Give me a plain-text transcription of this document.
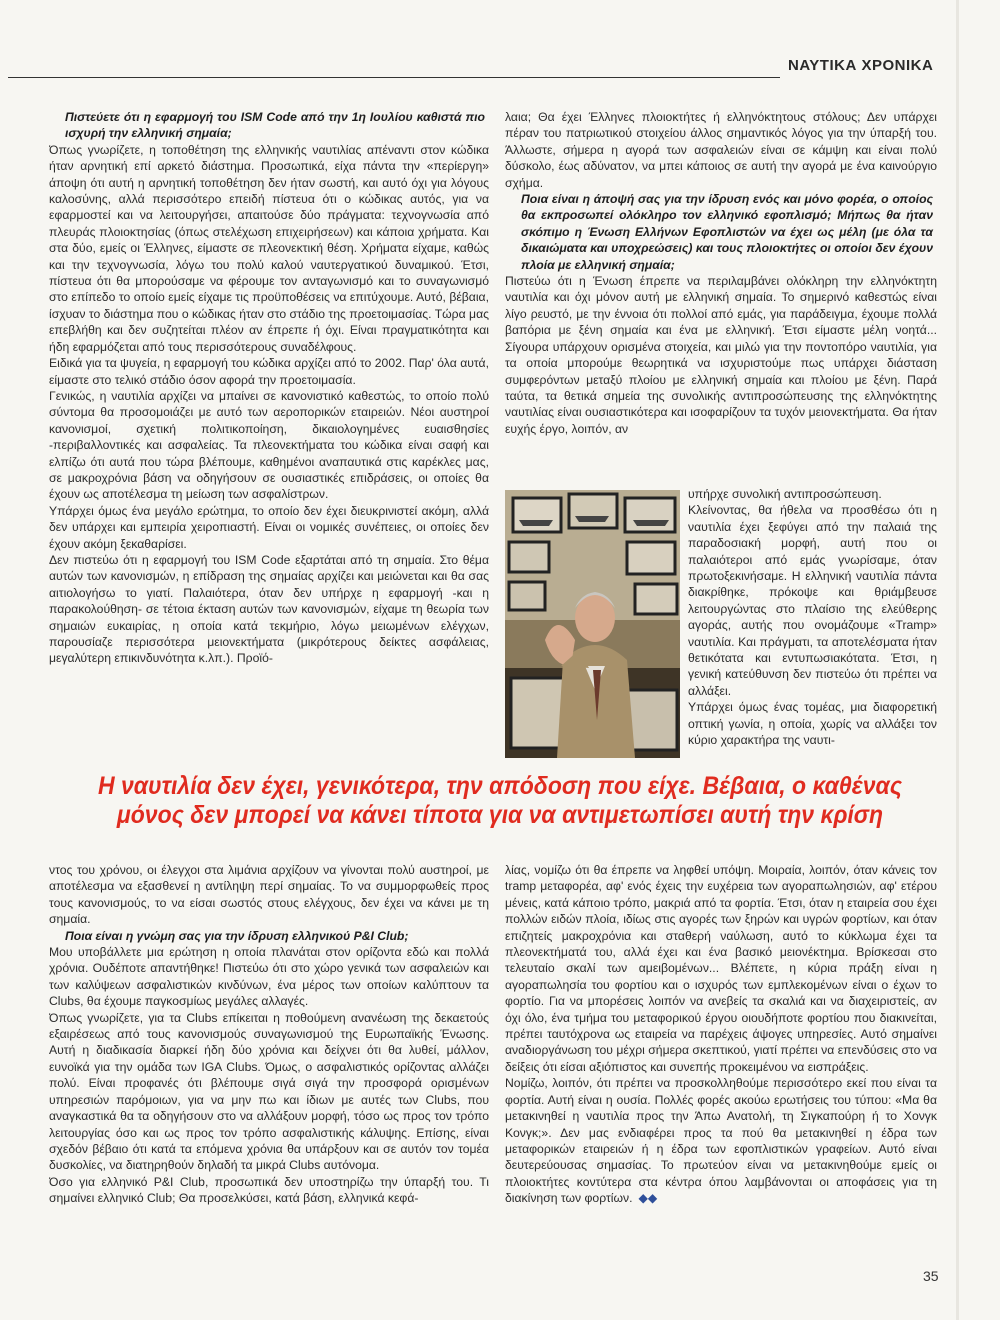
ΝΑΥΤΙΚΑ ΧΡΟΝΙΚΑ

Πιστεύετε ότι η εφαρμογή του ISM Code από την 1η Ιουλίου καθιστά πιο ισχυρή την ελληνική σημαία;

Όπως γνωρίζετε, η τοποθέτηση της ελληνικής ναυτιλίας απέναντι στον κώδικα ήταν αρνητική επί αρκετό διάστημα. Προσωπικά, είχα πάντα την «περίεργη» άποψη ότι αυτή η αρνητική τοποθέτηση δεν ήταν σωστή, και αυτό όχι για λόγους καλοσύνης, αλλά περισσότερο επειδή πίστευα ότι ο κώδικας αυτός, για να εφαρμοστεί και να λειτουργήσει, απαιτούσε δύο πράγματα: τεχνογνωσία από πλευράς πλοιοκτησίας (όπως στελέχωση επιχειρήσεων) και κάποια χρήματα. Και στα δύο, εμείς οι Έλληνες, είμαστε σε πλεονεκτική θέση. Χρήματα είχαμε, καθώς και την τεχνογνωσία, λόγω του πολύ καλού ναυτεργατικού δυναμικού. Έτσι, πίστευα ότι θα μπορούσαμε να φέρουμε τον ανταγωνισμό και το συναγωνισμό στο επίπεδο το οποίο εμείς είχαμε τις προϋποθέσεις να επιτύχουμε. Αυτό, βέβαια, ίσχυαν το διάστημα που ο κώδικας ήταν στο στάδιο της προετοιμασίας. Τώρα μας επεβλήθη και δεν συζητείται πλέον αν έπρεπε ή όχι. Είναι πραγματικότητα και ήδη εφαρμόζεται από τους περισσότερους συναδέλφους.

Ειδικά για τα ψυγεία, η εφαρμογή του κώδικα αρχίζει από το 2002. Παρ' όλα αυτά, είμαστε στο τελικό στάδιο όσον αφορά την προετοιμασία.

Γενικώς, η ναυτιλία αρχίζει να μπαίνει σε κανονιστικό καθεστώς, το οποίο πολύ σύντομα θα προσομοιάζει με αυτό των αεροπορικών εταιρειών. Νέοι αυστηροί κανονισμοί, σχετική πολιτικοποίηση, δικαιολογημένες ευαισθησίες -περιβαλλοντικές και ασφαλείας. Τα πλεονεκτήματα του κώδικα είναι σαφή και ελπίζω ότι αυτά που τώρα βλέπουμε, καθημένοι αναπαυτικά στις καρέκλες μας, σε μακροχρόνια βάση να οδηγήσουν σε ουσιαστικές επιδράσεις, οι οποίες θα έχουν ως αποτέλεσμα τη μείωση των ασφαλίστρων.

Υπάρχει όμως ένα μεγάλο ερώτημα, το οποίο δεν έχει διευκρινιστεί ακόμη, αλλά δεν υπάρχει και εμπειρία χειροπιαστή. Είναι οι νομικές συνέπειες, οι οποίες δεν έχουν ακόμη ξεκαθαρίσει.

Δεν πιστεύω ότι η εφαρμογή του ISM Code εξαρτάται από τη σημαία. Στο θέμα αυτών των κανονισμών, η επίδραση της σημαίας αρχίζει και μειώνεται και θα σας αιτιολογήσω το γιατί. Παλαιότερα, όταν δεν υπήρχε η εφαρμογή -και η παρακολούθηση- σε τέτοια έκταση αυτών των κανονισμών, είχαμε τη θεωρία των σημαιών ευκαιρίας, η οποία κατά τεκμήριο, λόγω μειωμένων ελέγχων, παρουσίαζε περισσότερα μειονεκτήματα (μικρότερους δείκτες ασφάλειας, μεγαλύτερη επικινδυνότητα κ.λπ.). Προϊό-

λαια; Θα έχει Έλληνες πλοιοκτήτες ή ελληνόκτητους στόλους; Δεν υπάρχει πέραν του πατριωτικού στοιχείου άλλος σημαντικός λόγος για την ύπαρξή του. Άλλωστε, σήμερα η αγορά των ασφαλειών είναι σε κάμψη και είναι πολύ δύσκολο, έως αδύνατον, να μπει κάποιος σε αυτή την αγορά με ένα καινούργιο σχήμα.

Ποια είναι η άποψή σας για την ίδρυση ενός και μόνο φορέα, ο οποίος θα εκπροσωπεί ολόκληρο τον ελληνικό εφοπλισμό; Μήπως θα ήταν σκόπιμο η Ένωση Ελλήνων Εφοπλιστών να έχει ως μέλη (με όλα τα δικαιώματα και υποχρεώσεις) και τους πλοιοκτήτες οι οποίοι δεν έχουν πλοία με ελληνική σημαία;

Πιστεύω ότι η Ένωση έπρεπε να περιλαμβάνει ολόκληρη την ελληνόκτητη ναυτιλία και όχι μόνον αυτή με ελληνική σημαία. Το σημερινό καθεστώς είναι λίγο ρευστό, με την έννοια ότι πολλοί από εμάς, για παράδειγμα, έχουμε πολλά βαπόρια με ξένη σημαία και ένα με ελληνική. Έτσι είμαστε μέλη νοητά... Σίγουρα υπάρχουν ορισμένα στοιχεία, και μιλώ για την ποντοπόρο ναυτιλία, για τα οποία μπορούμε θεωρητικά να ισχυριστούμε πως υπάρχει διάσταση συμφερόντων μεταξύ πλοίου με ελληνική σημαία και πλοίου με ξένη. Παρά ταύτα, τα θετικά σημεία της συνολικής αντιπροσώπευσης της ελληνόκτητης ναυτιλίας είναι ουσιαστικότερα και ισοφαρίζουν τα τυχόν μειονεκτήματα. Θα ήταν ευχής έργο, λοιπόν, αν

υπήρχε συνολική αντιπροσώπευση.

Κλείνοντας, θα ήθελα να προσθέσω ότι η ναυτιλία έχει ξεφύγει από την παλαιά της παραδοσιακή μορφή, αυτή που οι παλαιότεροι από εμάς γνωρίσαμε, όταν πρωτοξεκινήσαμε. Η ελληνική ναυτιλία πάντα διακρίθηκε, πρόκοψε και θριάμβευσε λειτουργώντας στο πλαίσιο της ελεύθερης αγοράς, αυτής που ονομάζουμε «Tramp» ναυτιλία. Και πράγματι, τα αποτελέσματα ήταν θετικότατα και εντυπωσιακότατα. Έτσι, η γενική κατεύθυνση δεν πιστεύω ότι πρέπει να αλλάξει.

Υπάρχει όμως ένας τομέας, μια διαφορετική οπτική γωνία, η οποία, χωρίς να αλλάξει τον κύριο χαρακτήρα της ναυτι-

Η ναυτιλία δεν έχει, γενικότερα, την απόδοση που είχε. Βέβαια, ο καθένας
μόνος δεν μπορεί να κάνει τίποτα για να αντιμετωπίσει αυτή την κρίση

ντος του χρόνου, οι έλεγχοι στα λιμάνια αρχίζουν να γίνονται πολύ αυστηροί, με αποτέλεσμα να εξασθενεί η αντίληψη περί σημαίας. Το να συμμορφωθείς προς τους κανονισμούς, το να είσαι σωστός στους ελέγχους, δεν έχει να κάνει με τη σημαία.

Ποια είναι η γνώμη σας για την ίδρυση ελληνικού P&I Club;

Μου υποβάλλετε μια ερώτηση η οποία πλανάται στον ορίζοντα εδώ και πολλά χρόνια. Ουδέποτε απαντήθηκε! Πιστεύω ότι στο χώρο γενικά των ασφαλειών και των καλύψεων ασφαλιστικών κινδύνων, ένα μέρος των οποίων καλύπτουν τα Clubs, θα έχουμε παγκοσμίως μεγάλες αλλαγές.

Όπως γνωρίζετε, για τα Clubs επίκειται η ποθούμενη ανανέωση της δεκαετούς εξαιρέσεως από τους κανονισμούς συναγωνισμού της Ευρωπαϊκής Ένωσης. Αυτή η διαδικασία διαρκεί ήδη δύο χρόνια και δείχνει ότι θα λυθεί, μάλλον, ευνοϊκά για την ομάδα των IGA Clubs. Όμως, ο ασφαλιστικός ορίζοντας αλλάζει πολύ. Είναι προφανές ότι βλέπουμε σιγά σιγά την προσφορά ορισμένων υπηρεσιών παρόμοιων, για να μην πω και ίδιων με αυτές των Clubs, που αναγκαστικά θα τα οδηγήσουν στο να αλλάξουν μορφή, τόσο ως προς τον τρόπο λειτουργίας όσο και ως προς τον τρόπο ασφαλιστικής κάλυψης. Επίσης, είναι σχεδόν βέβαιο ότι κατά τα επόμενα χρόνια θα υπάρξουν και σε αυτόν τον τομέα δυσκολίες, να διατηρηθούν δηλαδή τα μικρά Clubs αυτόνομα.

Όσο για ελληνικό P&I Club, προσωπικά δεν υποστηρίζω την ύπαρξή του. Τι σημαίνει ελληνικό Club; Θα προσελκύσει, κατά βάση, ελληνικά κεφά-

λίας, νομίζω ότι θα έπρεπε να ληφθεί υπόψη. Μοιραία, λοιπόν, όταν κάνεις τον tramp μεταφορέα, αφ' ενός έχεις την ευχέρεια των αγοραπωλησιών, αφ' ετέρου μένεις, κατά κάποιο τρόπο, μακριά από τα φορτία. Έτσι, όταν η εταιρεία σου έχει πολλών ειδών πλοία, ιδίως στις αγορές των ξηρών και υγρών φορτίων, και όταν επιζητείς μακροχρόνια και σταθερή ναύλωση, αυτό το κύκλωμα έχει τα πλεονεκτήματά του, αλλά έχει και ένα βασικό μειονέκτημα. Βρίσκεσαι στο τελευταίο σκαλί των αμειβομένων... Βλέπετε, η κύρια πράξη είναι η αγοραπωλησία του φορτίου και ο ισχυρός των εμπλεκομένων είναι ο έχων το φορτίο. Για να μπορέσεις λοιπόν να ανεβείς τα σκαλιά και να διαχειριστείς, αν όχι όλο, ένα τμήμα του μεταφορικού έργου οιουδήποτε φορτίου που διακινείται, πρέπει ταυτόχρονα ως εταιρεία να παρέχεις άψογες υπηρεσίες. Αυτό σημαίνει αναδιοργάνωση του μέχρι σήμερα σκεπτικού, γιατί πρέπει να επενδύσεις στο να δείξεις ότι είσαι αξιόπιστος και συνεπής προκειμένου να εισπράξεις.

Νομίζω, λοιπόν, ότι πρέπει να προσκολληθούμε περισσότερο εκεί που είναι τα φορτία. Αυτή είναι η ουσία. Πολλές φορές ακούω ερωτήσεις του τύπου: «Μα θα μετακινηθεί η ναυτιλία προς την Άπω Ανατολή, τη Σιγκαπούρη ή το Χονγκ Κονγκ;». Δεν μας ενδιαφέρει προς τα πού θα μετακινηθεί η έδρα των μεταφορικών εταιρειών ή η έδρα των εφοπλιστικών γραφείων. Αυτό είναι δευτερεύουσας σημασίας. Το πρωτεύον είναι να μετακινηθούμε εμείς οι πλοιοκτήτες κοντύτερα στα κέντρα όπου λαμβάνονται οι αποφάσεις για τη διακίνηση των φορτίων. ◆◆

35
